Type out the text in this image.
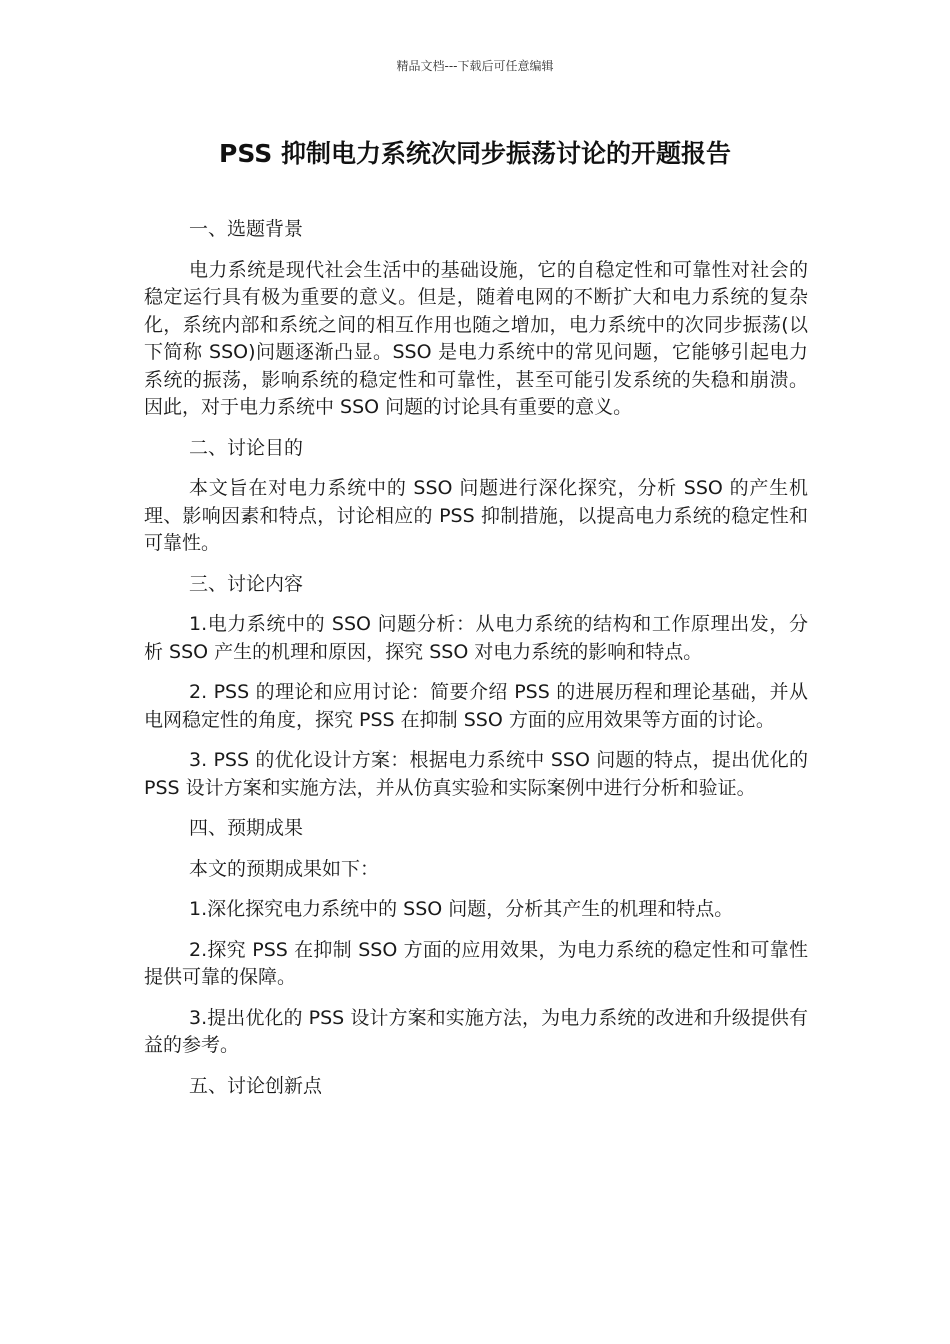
精品文档---下载后可任意编辑
PSS 抑制电力系统次同步振荡讨论的开题报告

一、选题背景

电力系统是现代社会生活中的基础设施，它的自稳定性和可靠性对社会的稳定运行具有极为重要的意义。但是，随着电网的不断扩大和电力系统的复杂化，系统内部和系统之间的相互作用也随之增加，电力系统中的次同步振荡(以下简称 SSO)问题逐渐凸显。SSO 是电力系统中的常见问题，它能够引起电力系统的振荡，影响系统的稳定性和可靠性，甚至可能引发系统的失稳和崩溃。因此，对于电力系统中 SSO 问题的讨论具有重要的意义。

二、讨论目的

本文旨在对电力系统中的 SSO 问题进行深化探究，分析 SSO 的产生机理、影响因素和特点，讨论相应的 PSS 抑制措施，以提高电力系统的稳定性和可靠性。

三、讨论内容

1.电力系统中的 SSO 问题分析：从电力系统的结构和工作原理出发，分析 SSO 产生的机理和原因，探究 SSO 对电力系统的影响和特点。

2. PSS 的理论和应用讨论：简要介绍 PSS 的进展历程和理论基础，并从电网稳定性的角度，探究 PSS 在抑制 SSO 方面的应用效果等方面的讨论。

3. PSS 的优化设计方案：根据电力系统中 SSO 问题的特点，提出优化的 PSS 设计方案和实施方法，并从仿真实验和实际案例中进行分析和验证。

四、预期成果

本文的预期成果如下：

1.深化探究电力系统中的 SSO 问题，分析其产生的机理和特点。

2.探究 PSS 在抑制 SSO 方面的应用效果，为电力系统的稳定性和可靠性提供可靠的保障。

3.提出优化的 PSS 设计方案和实施方法，为电力系统的改进和升级提供有益的参考。

五、讨论创新点
